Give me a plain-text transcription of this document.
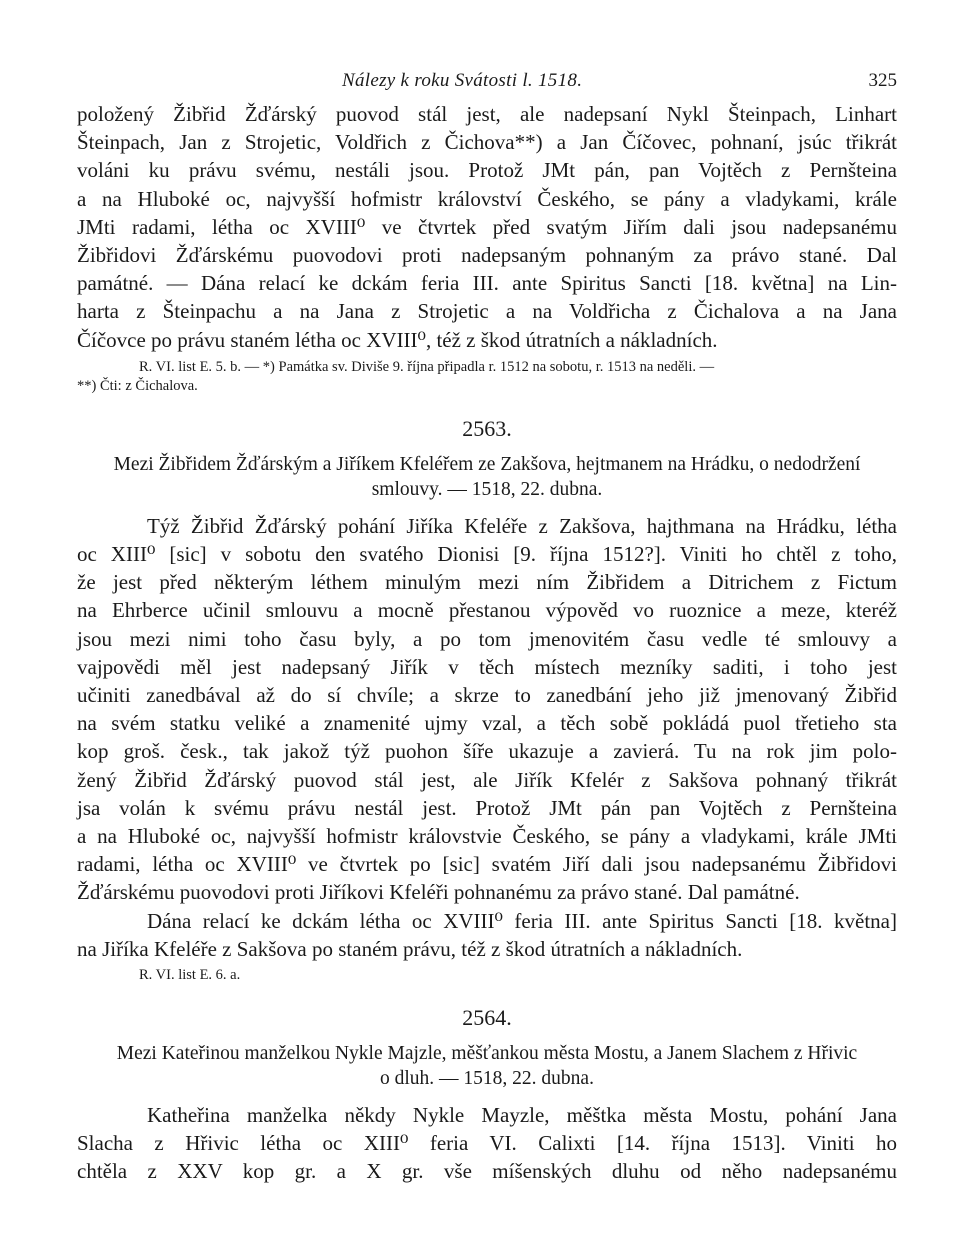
Nálezy k roku Svátosti l. 1518.	325

položený Žibřid Žďárský puovod stál jest, ale nadepsaní Nykl Šteinpach, Linhart
Šteinpach, Jan z Strojetic, Voldřich z Čichova**) a Jan Číčovec, pohnaní, jsúc třikrát
voláni ku právu svému, nestáli jsou. Protož JMt pán, pan Vojtěch z Pernšteina
a na Hluboké oc, najvyšší hofmistr království Českého, se pány a vladykami, krále
JMti radami, létha oc XVIII⁰ ve čtvrtek před svatým Jiřím dali jsou nadepsanému
Žibřidovi Žďárskému puovodovi proti nadepsaným pohnaným za právo stané. Dal
památné. — Dána relací ke dckám feria III. ante Spiritus Sancti [18. května] na Lin-
harta z Šteinpachu a na Jana z Strojetic a na Voldřicha z Čichalova a na Jana
Číčovce po právu staném létha oc XVIII⁰, též z škod útratních a nákladních.

R. VI. list E. 5. b. — *) Památka sv. Diviše 9. října připadla r. 1512 na sobotu, r. 1513 na neděli. —
**) Čti: z Čichalova.
2563.
Mezi Žibřidem Žďárským a Jiříkem Kfeléřem ze Zakšova, hejtmanem na Hrádku, o nedodržení
smlouvy. — 1518, 22. dubna.

Týž Žibřid Žďárský pohání Jiříka Kfeléře z Zakšova, hajthmana na Hrádku, létha
oc XIII⁰ [sic] v sobotu den svatého Dionisi [9. října 1512?]. Viniti ho chtěl z toho,
že jest před některým léthem minulým mezi ním Žibřidem a Ditrichem z Fictum
na Ehrberce učinil smlouvu a mocně přestanou výpověd vo ruoznice a meze, kteréž
jsou mezi nimi toho času byly, a po tom jmenovitém času vedle té smlouvy a
vajpovědi měl jest nadepsaný Jiřík v těch místech mezníky saditi, i toho jest
učiniti zanedbával až do sí chvíle; a skrze to zanedbání jeho již jmenovaný Žibřid
na svém statku veliké a znamenité ujmy vzal, a těch sobě pokládá puol třetieho sta
kop groš. česk., tak jakož týž puohon šíře ukazuje a zavierá. Tu na rok jim polo-
žený Žibřid Žďárský puovod stál jest, ale Jiřík Kfelér z Sakšova pohnaný třikrát
jsa volán k svému právu nestál jest. Protož JMt pán pan Vojtěch z Pernšteina
a na Hluboké oc, najvyšší hofmistr královstvie Českého, se pány a vladykami, krále JMti
radami, létha oc XVIII⁰ ve čtvrtek po [sic] svatém Jiří dali jsou nadepsanému Žibřidovi
Žďárskému puovodovi proti Jiříkovi Kfeléři pohnanému za právo stané. Dal památné.

Dána relací ke dckám létha oc XVIII⁰ feria III. ante Spiritus Sancti [18. května]
na Jiříka Kfeléře z Sakšova po staném právu, též z škod útratních a nákladních.

R. VI. list E. 6. a.
2564.
Mezi Kateřinou manželkou Nykle Majzle, měšťankou města Mostu, a Janem Slachem z Hřivic
o dluh. — 1518, 22. dubna.

Katheřina manželka někdy Nykle Mayzle, měštka města Mostu, pohání Jana
Slacha z Hřivic létha oc XIII⁰ feria VI. Calixti [14. října 1513]. Viniti ho
chtěla z XXV kop gr. a X gr. vše míšenských dluhu od něho nadepsanému
